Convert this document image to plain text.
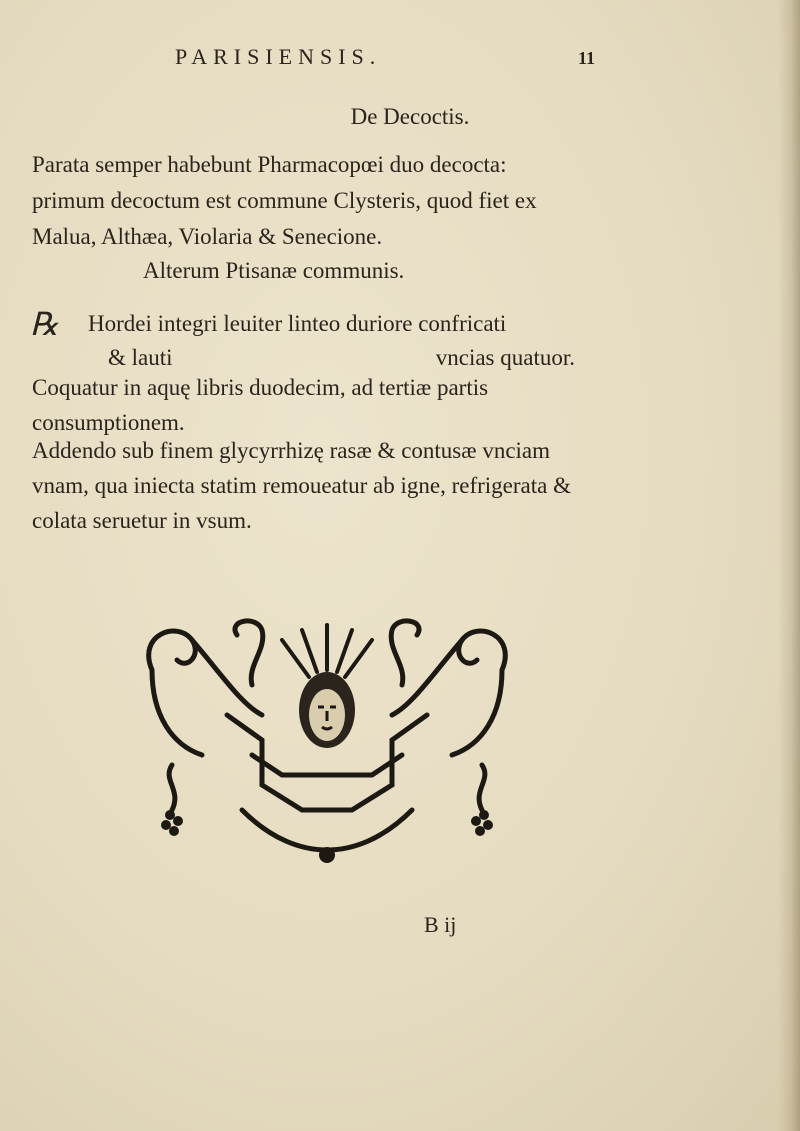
PARISIENSIS.	11
De Decoctis.
Parata semper habebunt Pharmacopœi duo decocta: primum decoctum est commune Clysteris, quod fiet ex Malua, Althæa, Violaria & Senecione.
Alterum Ptisanæ communis.
℞ Hordei integri leuiter linteo duriore confricati
& lauti	vncias quatuor.
Coquatur in aquę libris duodecim, ad tertiæ partis consumptionem.
Addendo sub finem glycyrrhizę rasæ & contusæ vnciam vnam, qua iniecta statim remoueatur ab igne, refrigerata & colata seruetur in vsum.
B ij
